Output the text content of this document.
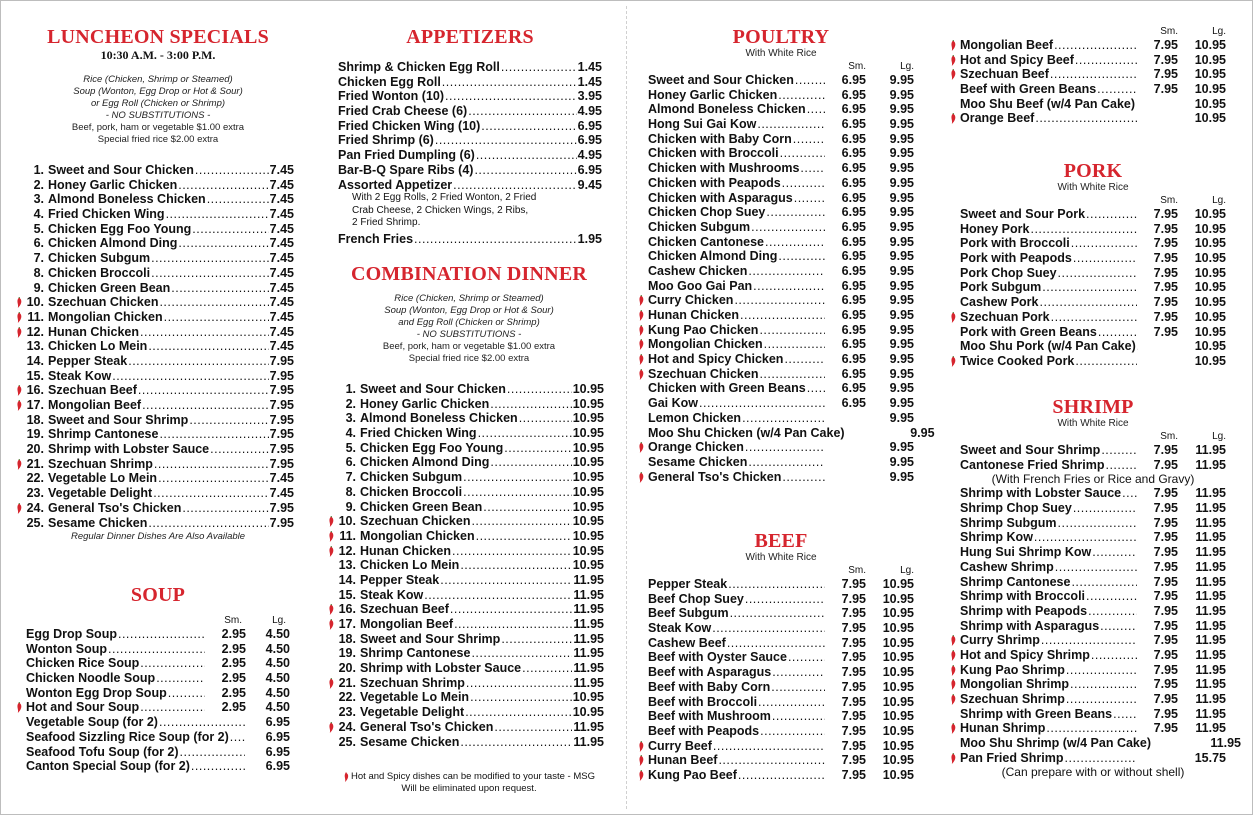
LUNCHEON SPECIALS
10:30 A.M. - 3:00 P.M.
Rice (Chicken, Shrimp or Steamed)
Soup (Wonton, Egg Drop or Hot & Sour)
or Egg Roll (Chicken or Shrimp)
- NO SUBSTITUTIONS -
Beef, pork, ham or vegetable $1.00 extra
Special fried rice $2.00 extra
1. Sweet and Sour Chicken .....	7.45
2. Honey Garlic Chicken .....	7.45
3. Almond Boneless Chicken .....	7.45
4. Fried Chicken Wing .....	7.45
5. Chicken Egg Foo Young .....	7.45
6. Chicken Almond Ding .....	7.45
7. Chicken Subgum .....	7.45
8. Chicken Broccoli .....	7.45
9. Chicken Green Bean .....	7.45
10. Szechuan Chicken .....	7.45
11. Mongolian Chicken .....	7.45
12. Hunan Chicken .....	7.45
13. Chicken Lo Mein .....	7.45
14. Pepper Steak .....	7.95
15. Steak Kow .....	7.95
16. Szechuan Beef .....	7.95
17. Mongolian Beef .....	7.95
18. Sweet and Sour Shrimp .....	7.95
19. Shrimp Cantonese .....	7.95
20. Shrimp with Lobster Sauce .....	7.95
21. Szechuan Shrimp .....	7.95
22. Vegetable Lo Mein .....	7.45
23. Vegetable Delight .....	7.45
24. General Tso's Chicken .....	7.95
25. Sesame Chicken .....	7.95
Regular Dinner Dishes Are Also Available
SOUP
Sm.	Lg.
Egg Drop Soup .....	2.95	4.50
Wonton Soup .....	2.95	4.50
Chicken Rice Soup .....	2.95	4.50
Chicken Noodle Soup .....	2.95	4.50
Wonton Egg Drop Soup .....	2.95	4.50
Hot and Sour Soup .....	2.95	4.50
Vegetable Soup (for 2) .....	6.95
Seafood Sizzling Rice Soup (for 2) .....	6.95
Seafood Tofu Soup (for 2) .....	6.95
Canton Special Soup (for 2) .....	6.95
APPETIZERS
Shrimp & Chicken Egg Roll .....	1.45
Chicken Egg Roll .....	1.45
Fried Wonton (10) .....	3.95
Fried Crab Cheese (6) .....	4.95
Fried Chicken Wing (10) .....	6.95
Fried Shrimp (6) .....	6.95
Pan Fried Dumpling (6) .....	4.95
Bar-B-Q Spare Ribs (4) .....	6.95
Assorted Appetizer .....	9.45
With 2 Egg Rolls, 2 Fried Wonton, 2 Fried
Crab Cheese, 2 Chicken Wings, 2 Ribs,
2 Fried Shrimp.
French Fries .....	1.95
COMBINATION DINNER
Rice (Chicken, Shrimp or Steamed)
Soup (Wonton, Egg Drop or Hot & Sour)
and Egg Roll (Chicken or Shrimp)
- NO SUBSTITUTIONS -
Beef, pork, ham or vegetable $1.00 extra
Special fried rice $2.00 extra
1. Sweet and Sour Chicken .....	10.95
2. Honey Garlic Chicken .....	10.95
3. Almond Boneless Chicken .....	10.95
4. Fried Chicken Wing .....	10.95
5. Chicken Egg Foo Young .....	10.95
6. Chicken Almond Ding .....	10.95
7. Chicken Subgum .....	10.95
8. Chicken Broccoli .....	10.95
9. Chicken Green Bean .....	10.95
10. Szechuan Chicken .....	10.95
11. Mongolian Chicken .....	10.95
12. Hunan Chicken .....	10.95
13. Chicken Lo Mein .....	10.95
14. Pepper Steak .....	11.95
15. Steak Kow .....	11.95
16. Szechuan Beef .....	11.95
17. Mongolian Beef .....	11.95
18. Sweet and Sour Shrimp .....	11.95
19. Shrimp Cantonese .....	11.95
20. Shrimp with Lobster Sauce .....	11.95
21. Szechuan Shrimp .....	11.95
22. Vegetable Lo Mein .....	10.95
23. Vegetable Delight .....	10.95
24. General Tso's Chicken .....	11.95
25. Sesame Chicken .....	11.95
Hot and Spicy dishes can be modified to your taste - MSG
Will be eliminated upon request.
POULTRY
With White Rice
Sm.	Lg.
Sweet and Sour Chicken .....	6.95	9.95
Honey Garlic Chicken .....	6.95	9.95
Almond Boneless Chicken .....	6.95	9.95
Hong Sui Gai Kow .....	6.95	9.95
Chicken with Baby Corn .....	6.95	9.95
Chicken with Broccoli .....	6.95	9.95
Chicken with Mushrooms .....	6.95	9.95
Chicken with Peapods .....	6.95	9.95
Chicken with Asparagus .....	6.95	9.95
Chicken Chop Suey .....	6.95	9.95
Chicken Subgum .....	6.95	9.95
Chicken Cantonese .....	6.95	9.95
Chicken Almond Ding .....	6.95	9.95
Cashew Chicken .....	6.95	9.95
Moo Goo Gai Pan .....	6.95	9.95
Curry Chicken .....	6.95	9.95
Hunan Chicken .....	6.95	9.95
Kung Pao Chicken .....	6.95	9.95
Mongolian Chicken .....	6.95	9.95
Hot and Spicy Chicken .....	6.95	9.95
Szechuan Chicken .....	6.95	9.95
Chicken with Green Beans .....	6.95	9.95
Gai Kow .....	6.95	9.95
Lemon Chicken .....	9.95
Moo Shu Chicken (w/4 Pan Cake)	9.95
Orange Chicken .....	9.95
Sesame Chicken .....	9.95
General Tso's Chicken .....	9.95
BEEF
With White Rice
Sm.	Lg.
Pepper Steak .....	7.95	10.95
Beef Chop Suey .....	7.95	10.95
Beef Subgum .....	7.95	10.95
Steak Kow .....	7.95	10.95
Cashew Beef .....	7.95	10.95
Beef with Oyster Sauce .....	7.95	10.95
Beef with Asparagus .....	7.95	10.95
Beef with Baby Corn .....	7.95	10.95
Beef with Broccoli .....	7.95	10.95
Beef with Mushroom .....	7.95	10.95
Beef with Peapods .....	7.95	10.95
Curry Beef .....	7.95	10.95
Hunan Beef .....	7.95	10.95
Kung Pao Beef .....	7.95	10.95
Sm.	Lg.
Mongolian Beef .....	7.95	10.95
Hot and Spicy Beef .....	7.95	10.95
Szechuan Beef .....	7.95	10.95
Beef with Green Beans .....	7.95	10.95
Moo Shu Beef (w/4 Pan Cake) .....	10.95
Orange Beef .....	10.95
PORK
With White Rice
Sm.	Lg.
Sweet and Sour Pork .....	7.95	10.95
Honey Pork .....	7.95	10.95
Pork with Broccoli .....	7.95	10.95
Pork with Peapods .....	7.95	10.95
Pork Chop Suey .....	7.95	10.95
Pork Subgum .....	7.95	10.95
Cashew Pork .....	7.95	10.95
Szechuan Pork .....	7.95	10.95
Pork with Green Beans .....	7.95	10.95
Moo Shu Pork (w/4 Pan Cake) .....	10.95
Twice Cooked Pork .....	10.95
SHRIMP
With White Rice
Sm.	Lg.
Sweet and Sour Shrimp .....	7.95	11.95
Cantonese Fried Shrimp .....	7.95	11.95
(With French Fries or Rice and Gravy)
Shrimp with Lobster Sauce .....	7.95	11.95
Shrimp Chop Suey .....	7.95	11.95
Shrimp Subgum .....	7.95	11.95
Shrimp Kow .....	7.95	11.95
Hung Sui Shrimp Kow .....	7.95	11.95
Cashew Shrimp .....	7.95	11.95
Shrimp Cantonese .....	7.95	11.95
Shrimp with Broccoli .....	7.95	11.95
Shrimp with Peapods .....	7.95	11.95
Shrimp with Asparagus .....	7.95	11.95
Curry Shrimp .....	7.95	11.95
Hot and Spicy Shrimp .....	7.95	11.95
Kung Pao Shrimp .....	7.95	11.95
Mongolian Shrimp .....	7.95	11.95
Szechuan Shrimp .....	7.95	11.95
Shrimp with Green Beans .....	7.95	11.95
Hunan Shrimp .....	7.95	11.95
Moo Shu Shrimp (w/4 Pan Cake)	11.95
Pan Fried Shrimp .....	15.75
(Can prepare with or without shell)
